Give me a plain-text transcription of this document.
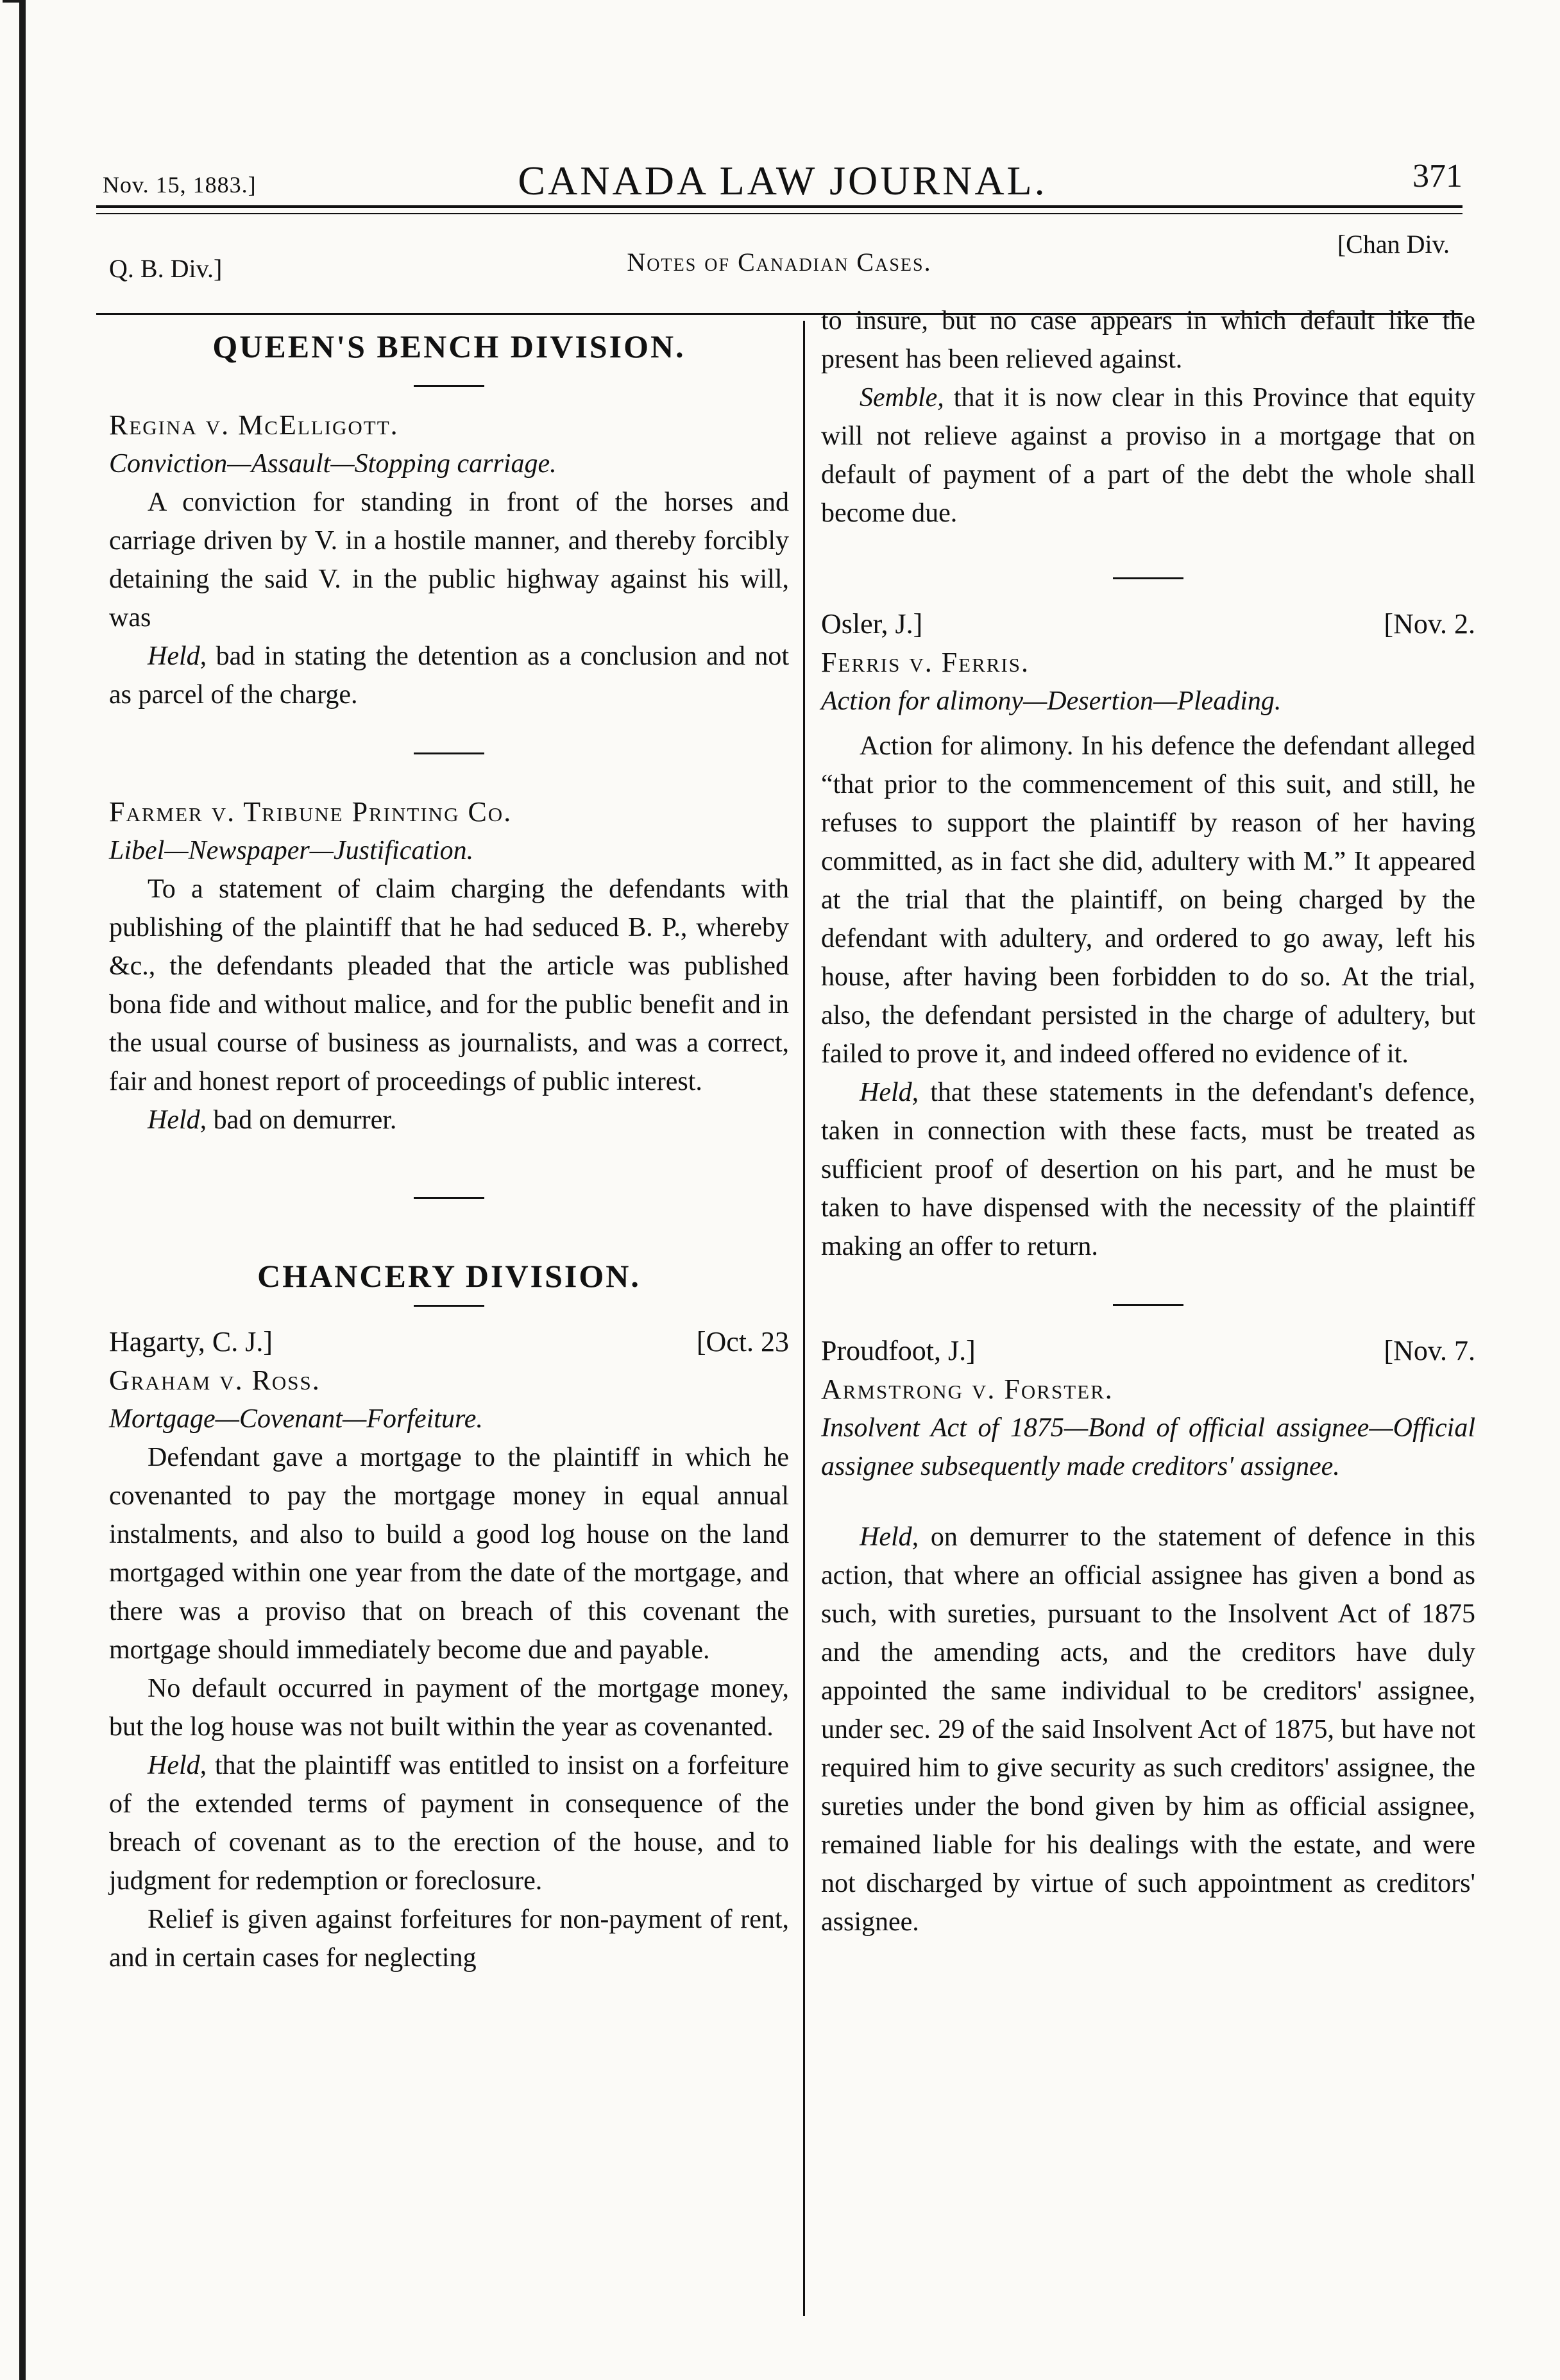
Nov. 15, 1883.]	CANADA LAW JOURNAL.	371
Q. B. Div.]	Notes of Canadian Cases.
[Chan Div.
QUEEN'S BENCH DIVISION.

Regina v. McElligott.

Conviction—Assault—Stopping carriage.

A conviction for standing in front of the horses and carriage driven by V. in a hostile manner, and thereby forcibly detaining the said V. in the public highway against his will, was

Held, bad in stating the detention as a conclusion and not as parcel of the charge.

Farmer v. Tribune Printing Co.

Libel—Newspaper—Justification.

To a statement of claim charging the defendants with publishing of the plaintiff that he had seduced B. P., whereby &c., the defendants pleaded that the article was published bona fide and without malice, and for the public benefit and in the usual course of business as journalists, and was a correct, fair and honest report of proceedings of public interest.

Held, bad on demurrer.

CHANCERY DIVISION.

Hagarty, C. J.]	[Oct. 23

Graham v. Ross.

Mortgage—Covenant—Forfeiture.

Defendant gave a mortgage to the plaintiff in which he covenanted to pay the mortgage money in equal annual instalments, and also to build a good log house on the land mortgaged within one year from the date of the mortgage, and there was a proviso that on breach of this covenant the mortgage should immediately become due and payable.

No default occurred in payment of the mortgage money, but the log house was not built within the year as covenanted.

Held, that the plaintiff was entitled to insist on a forfeiture of the extended terms of payment in consequence of the breach of covenant as to the erection of the house, and to judgment for redemption or foreclosure.

Relief is given against forfeitures for non-payment of rent, and in certain cases for neglecting

to insure, but no case appears in which default like the present has been relieved against.

Semble, that it is now clear in this Province that equity will not relieve against a proviso in a mortgage that on default of payment of a part of the debt the whole shall become due.

Osler, J.]	[Nov. 2.

Ferris v. Ferris.

Action for alimony—Desertion—Pleading.

Action for alimony. In his defence the defendant alleged “that prior to the commencement of this suit, and still, he refuses to support the plaintiff by reason of her having committed, as in fact she did, adultery with M.” It appeared at the trial that the plaintiff, on being charged by the defendant with adultery, and ordered to go away, left his house, after having been forbidden to do so. At the trial, also, the defendant persisted in the charge of adultery, but failed to prove it, and indeed offered no evidence of it.

Held, that these statements in the defendant's defence, taken in connection with these facts, must be treated as sufficient proof of desertion on his part, and he must be taken to have dispensed with the necessity of the plaintiff making an offer to return.

Proudfoot, J.]	[Nov. 7.

Armstrong v. Forster.

Insolvent Act of 1875—Bond of official assignee—Official assignee subsequently made creditors' assignee.

Held, on demurrer to the statement of defence in this action, that where an official assignee has given a bond as such, with sureties, pursuant to the Insolvent Act of 1875 and the amending acts, and the creditors have duly appointed the same individual to be creditors' assignee, under sec. 29 of the said Insolvent Act of 1875, but have not required him to give security as such creditors' assignee, the sureties under the bond given by him as official assignee, remained liable for his dealings with the estate, and were not discharged by virtue of such appointment as creditors' assignee.
